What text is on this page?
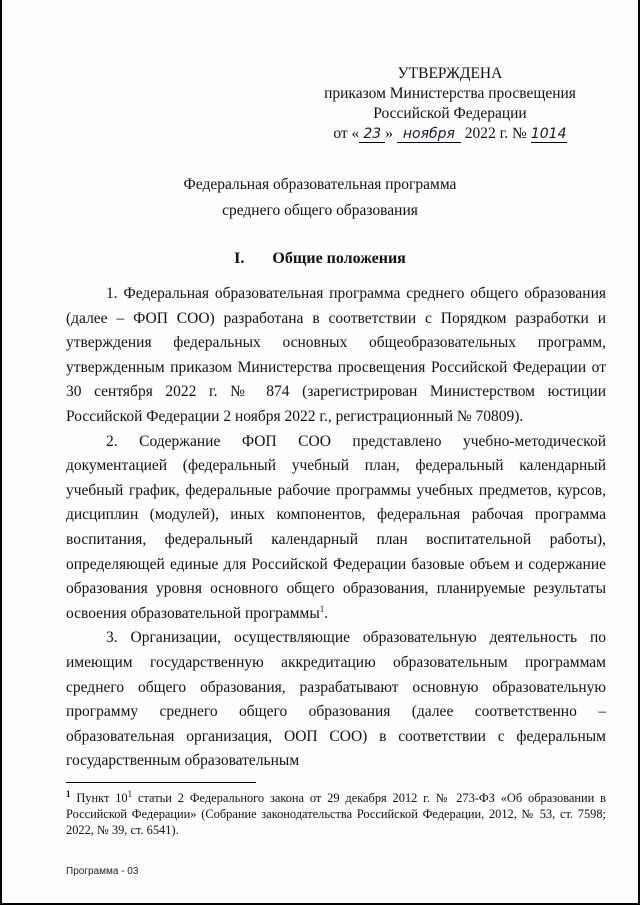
УТВЕРЖДЕНА
приказом Министерства просвещения
Российской Федерации
от « 23 » ноября 2022 г. № 1014
Федеральная образовательная программа
среднего общего образования
I. Общие положения

1. Федеральная образовательная программа среднего общего образования (далее – ФОП СОО) разработана в соответствии с Порядком разработки и утверждения федеральных основных общеобразовательных программ, утвержденным приказом Министерства просвещения Российской Федерации от 30 сентября 2022 г. № 874 (зарегистрирован Министерством юстиции Российской Федерации 2 ноября 2022 г., регистрационный № 70809).

2. Содержание ФОП СОО представлено учебно-методической документацией (федеральный учебный план, федеральный календарный учебный график, федеральные рабочие программы учебных предметов, курсов, дисциплин (модулей), иных компонентов, федеральная рабочая программа воспитания, федеральный календарный план воспитательной работы), определяющей единые для Российской Федерации базовые объем и содержание образования уровня основного общего образования, планируемые результаты освоения образовательной программы$^1$.

3. Организации, осуществляющие образовательную деятельность по имеющим государственную аккредитацию образовательным программам среднего общего образования, разрабатывают основную образовательную программу среднего общего образования (далее соответственно – образовательная организация, ООП СОО) в соответствии с федеральным государственным образовательным

$^1$ Пункт $10^1$ статьи 2 Федерального закона от 29 декабря 2012 г. № 273-ФЗ «Об образовании в Российской Федерации» (Собрание законодательства Российской Федерации, 2012, № 53, ст. 7598; 2022, № 39, ст. 6541).
Программа - 03
